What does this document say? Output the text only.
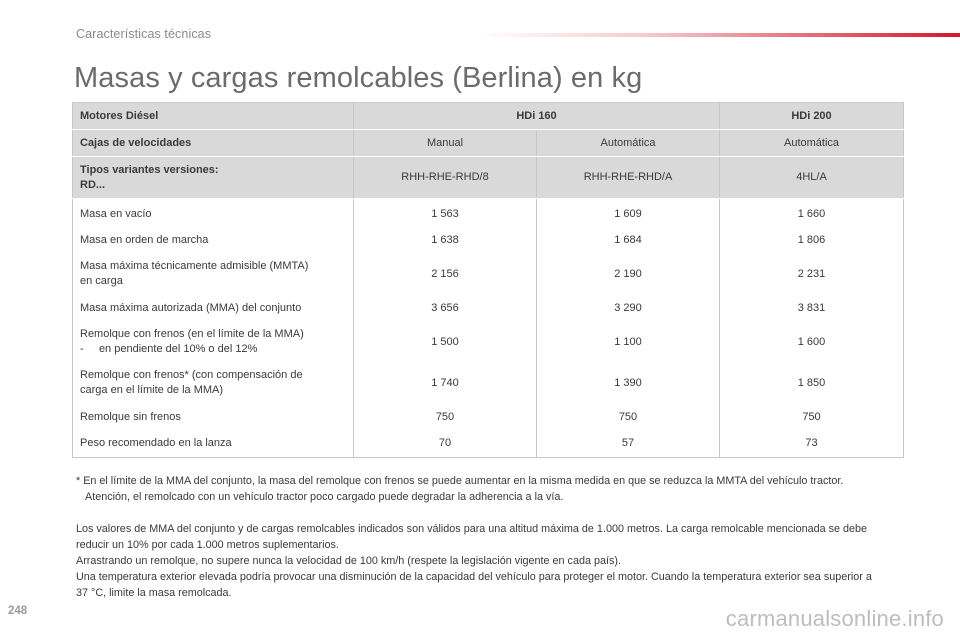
Características técnicas
Masas y cargas remolcables (Berlina) en kg
Motores Diésel	HDi 160		HDi 200
Cajas de velocidades	Manual	Automática	Automática

Tipos variantes versiones:
RD...	RHH-RHE-RHD/8	RHH-RHE-RHD/A	4HL/A
Masa en vacío	1 563	1 609	1 660
Masa en orden de marcha	1 638	1 684	1 806

Masa máxima técnicamente admisible (MMTA)
en carga	2 156	2 190	2 231
Masa máxima autorizada (MMA) del conjunto	3 656	3 290	3 831

Remolque con frenos (en el límite de la MMA)
-     en pendiente del 10% o del 12%	1 500	1 100	1 600

Remolque con frenos* (con compensación de
carga en el límite de la MMA)	1 740	1 390	1 850
Remolque sin frenos	750	750	750
Peso recomendado en la lanza	70	57	73
* En el límite de la MMA del conjunto, la masa del remolque con frenos se puede aumentar en la misma medida en que se reduzca la MMTA del vehículo tractor. Atención, el remolcado con un vehículo tractor poco cargado puede degradar la adherencia a la vía.

Los valores de MMA del conjunto y de cargas remolcables indicados son válidos para una altitud máxima de 1.000 metros. La carga remolcable mencionada se debe reducir un 10% por cada 1.000 metros suplementarios.

Arrastrando un remolque, no supere nunca la velocidad de 100 km/h (respete la legislación vigente en cada país).

Una temperatura exterior elevada podría provocar una disminución de la capacidad del vehículo para proteger el motor. Cuando la temperatura exterior sea superior a 37 °C, limite la masa remolcada.

248	carmanualsonline.info
